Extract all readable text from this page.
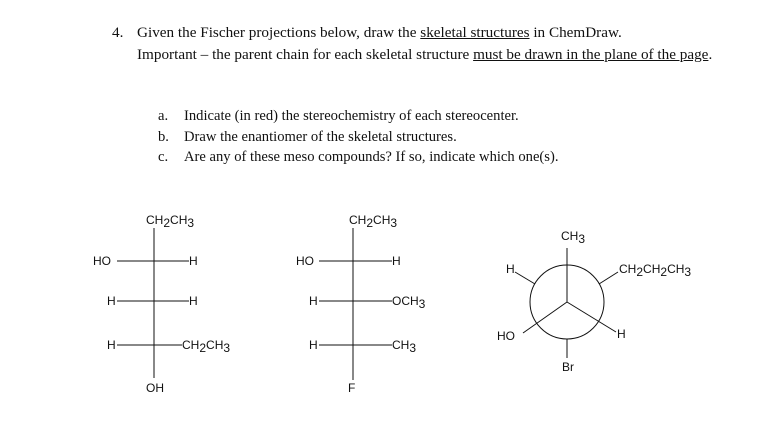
4. Given the Fischer projections below, draw the skeletal structures in ChemDraw.
Important – the parent chain for each skeletal structure must be drawn in the plane of the page.
a. Indicate (in red) the stereochemistry of each stereocenter.
b. Draw the enantiomer of the skeletal structures.
c. Are any of these meso compounds? If so, indicate which one(s).
CH2CH3
HO	H
H	H
H	CH2CH3
OH
CH2CH3
HO	H
H	OCH3
H	CH3
F
CH3
HO	H
H	CH2CH2CH3
Br
